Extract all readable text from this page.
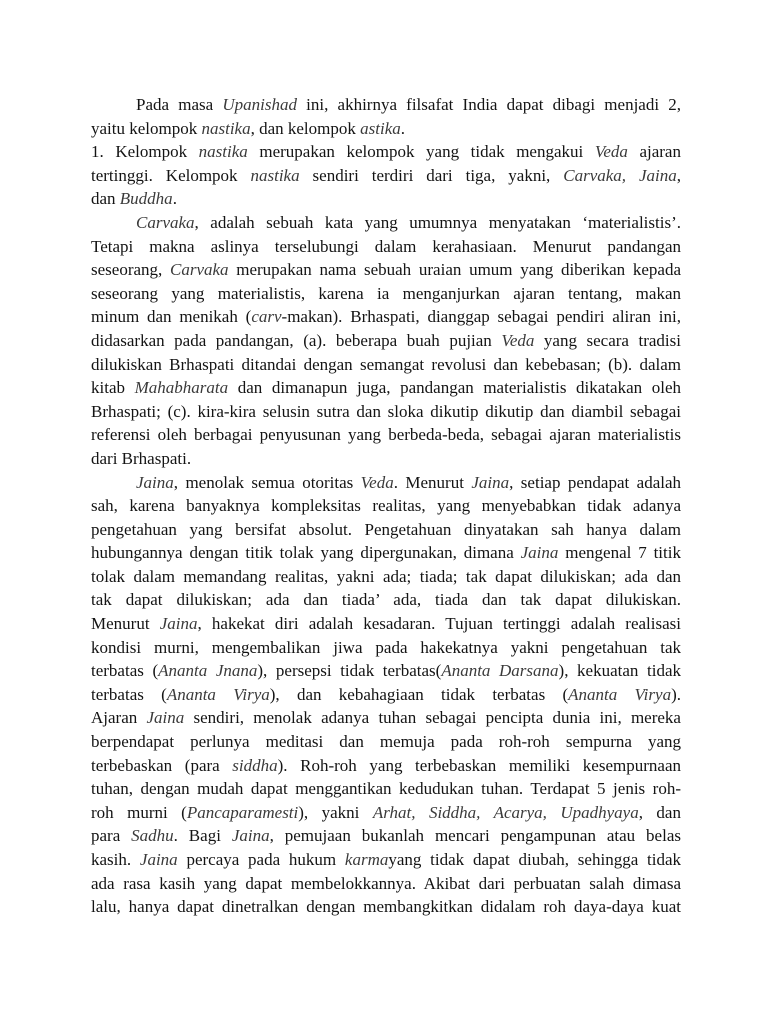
Pada masa Upanishad ini, akhirnya filsafat India dapat dibagi menjadi 2,
yaitu kelompok nastika, dan kelompok astika.
1. Kelompok nastika merupakan kelompok yang tidak mengakui Veda ajaran
tertinggi. Kelompok nastika sendiri terdiri dari tiga, yakni, Carvaka, Jaina,
dan Buddha.
Carvaka, adalah sebuah kata yang umumnya menyatakan ‘materialistis’.
Tetapi makna aslinya terselubungi dalam kerahasiaan. Menurut pandangan
seseorang, Carvaka merupakan nama sebuah uraian umum yang diberikan kepada
seseorang yang materialistis, karena ia menganjurkan ajaran tentang, makan
minum dan menikah (carv-makan). Brhaspati, dianggap sebagai pendiri aliran ini,
didasarkan pada pandangan, (a). beberapa buah pujian Veda yang secara tradisi
dilukiskan Brhaspati ditandai dengan semangat revolusi dan kebebasan; (b). dalam
kitab Mahabharata dan dimanapun juga, pandangan materialistis dikatakan oleh
Brhaspati; (c). kira-kira selusin sutra dan sloka dikutip dikutip dan diambil sebagai
referensi oleh berbagai penyusunan yang berbeda-beda, sebagai ajaran materialistis
dari Brhaspati.
Jaina, menolak semua otoritas Veda. Menurut Jaina, setiap pendapat adalah
sah, karena banyaknya kompleksitas realitas, yang menyebabkan tidak adanya
pengetahuan yang bersifat absolut. Pengetahuan dinyatakan sah hanya dalam
hubungannya dengan titik tolak yang dipergunakan, dimana Jaina mengenal 7 titik
tolak dalam memandang realitas, yakni ada; tiada; tak dapat dilukiskan; ada dan
tak dapat dilukiskan; ada dan tiada’ ada, tiada dan tak dapat dilukiskan.
Menurut Jaina, hakekat diri adalah kesadaran. Tujuan tertinggi adalah realisasi
kondisi murni, mengembalikan jiwa pada hakekatnya yakni pengetahuan tak
terbatas (Ananta Jnana), persepsi tidak terbatas(Ananta Darsana), kekuatan tidak
terbatas (Ananta Virya), dan kebahagiaan tidak terbatas (Ananta Virya).
Ajaran Jaina sendiri, menolak adanya tuhan sebagai pencipta dunia ini, mereka
berpendapat perlunya meditasi dan memuja pada roh-roh sempurna yang
terbebaskan (para siddha). Roh-roh yang terbebaskan memiliki kesempurnaan
tuhan, dengan mudah dapat menggantikan kedudukan tuhan. Terdapat 5 jenis roh-
roh murni (Pancaparamesti), yakni Arhat, Siddha, Acarya, Upadhyaya, dan
para Sadhu. Bagi Jaina, pemujaan bukanlah mencari pengampunan atau belas
kasih. Jaina percaya pada hukum karmayang tidak dapat diubah, sehingga tidak
ada rasa kasih yang dapat membelokkannya. Akibat dari perbuatan salah dimasa
lalu, hanya dapat dinetralkan dengan membangkitkan didalam roh daya-daya kuat
